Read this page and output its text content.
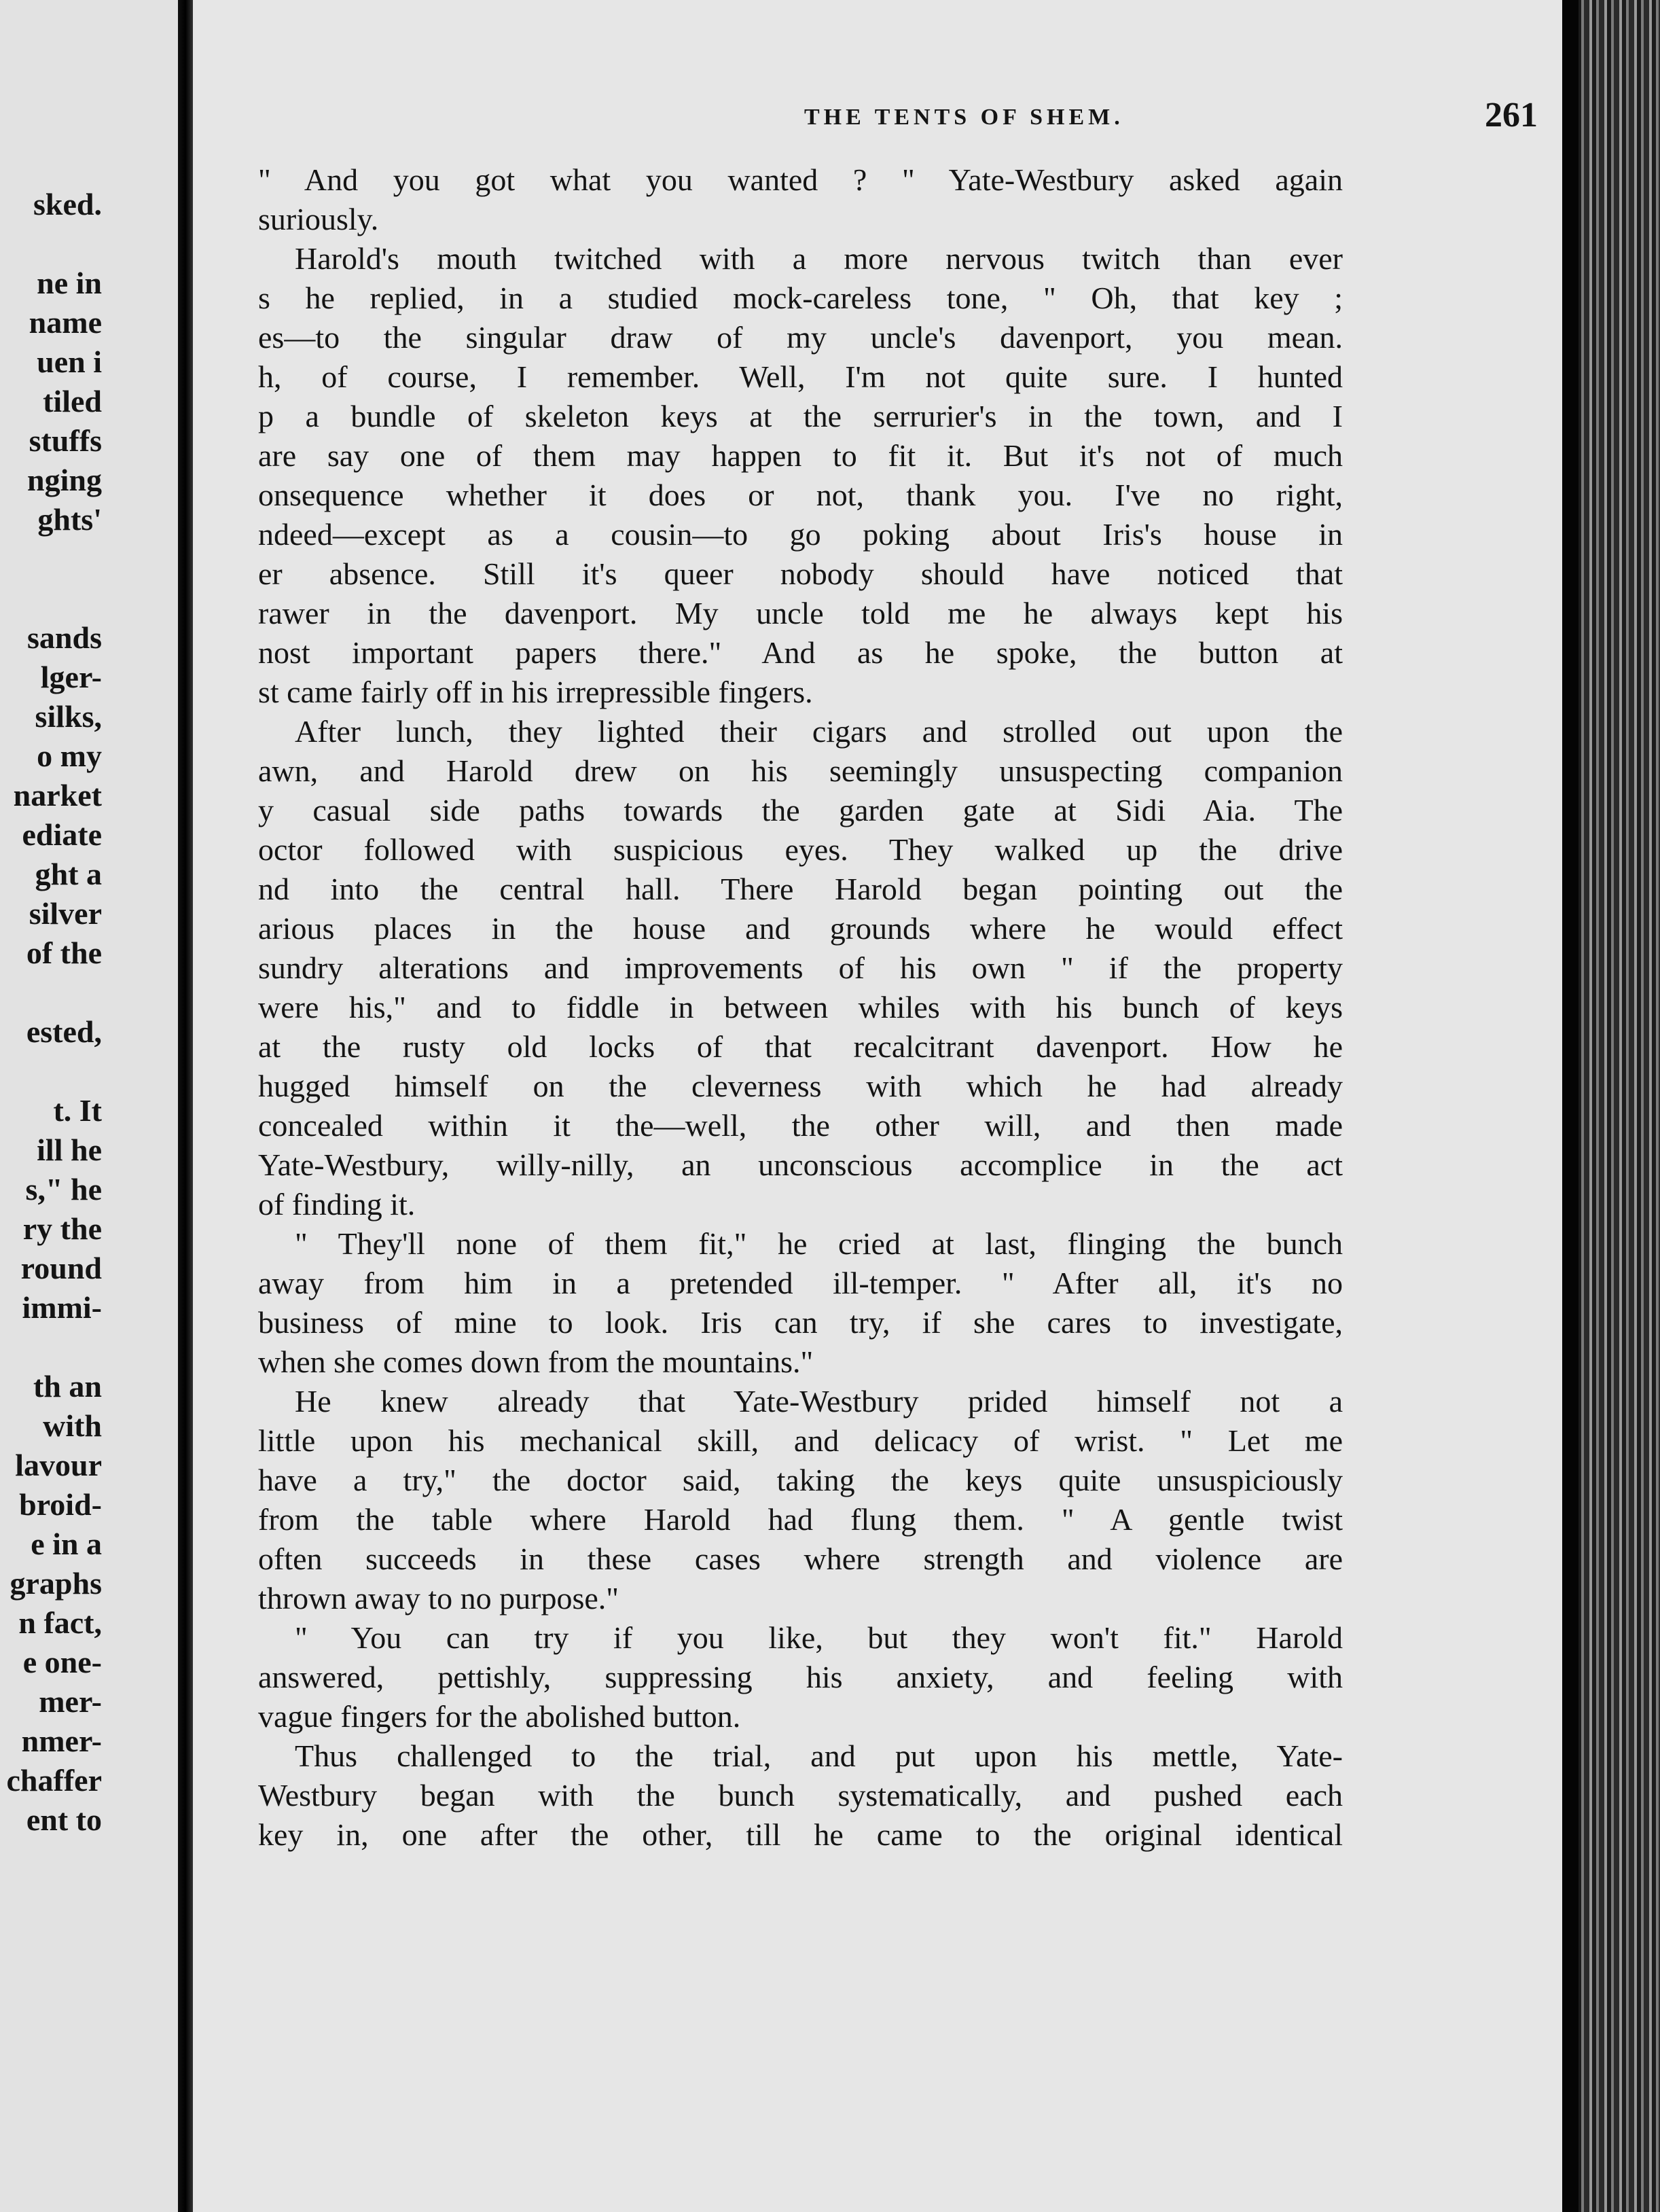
sked.
ne in
name
uen i
tiled
stuffs
nging
ghts'
sands
lger-
silks,
o my
narket
ediate
ght a
silver
of the
ested,
t. It
ill he
s," he
ry the
round
immi-
th an
with
lavour
broid-
e in a
graphs
n fact,
e one-
mer-
nmer-
chaffer
ent to
THE TENTS OF SHEM.	261
" And you got what you wanted ? " Yate-Westbury asked again
suriously.
Harold's mouth twitched with a more nervous twitch than ever
s he replied, in a studied mock-careless tone, " Oh, that key ;
es—to the singular draw of my uncle's davenport, you mean.
h, of course, I remember. Well, I'm not quite sure. I hunted
p a bundle of skeleton keys at the serrurier's in the town, and I
are say one of them may happen to fit it. But it's not of much
onsequence whether it does or not, thank you. I've no right,
ndeed—except as a cousin—to go poking about Iris's house in
er absence. Still it's queer nobody should have noticed that
rawer in the davenport. My uncle told me he always kept his
nost important papers there." And as he spoke, the button at
st came fairly off in his irrepressible fingers.
After lunch, they lighted their cigars and strolled out upon the
awn, and Harold drew on his seemingly unsuspecting companion
y casual side paths towards the garden gate at Sidi Aia. The
octor followed with suspicious eyes. They walked up the drive
nd into the central hall. There Harold began pointing out the
arious places in the house and grounds where he would effect
sundry alterations and improvements of his own " if the property
were his," and to fiddle in between whiles with his bunch of keys
at the rusty old locks of that recalcitrant davenport. How he
hugged himself on the cleverness with which he had already
concealed within it the—well, the other will, and then made
Yate-Westbury, willy-nilly, an unconscious accomplice in the act
of finding it.
" They'll none of them fit," he cried at last, flinging the bunch
away from him in a pretended ill-temper. " After all, it's no
business of mine to look. Iris can try, if she cares to investigate,
when she comes down from the mountains."
He knew already that Yate-Westbury prided himself not a
little upon his mechanical skill, and delicacy of wrist. " Let me
have a try," the doctor said, taking the keys quite unsuspiciously
from the table where Harold had flung them. " A gentle twist
often succeeds in these cases where strength and violence are
thrown away to no purpose."
" You can try if you like, but they won't fit." Harold
answered, pettishly, suppressing his anxiety, and feeling with
vague fingers for the abolished button.
Thus challenged to the trial, and put upon his mettle, Yate-
Westbury began with the bunch systematically, and pushed each
key in, one after the other, till he came to the original identical
